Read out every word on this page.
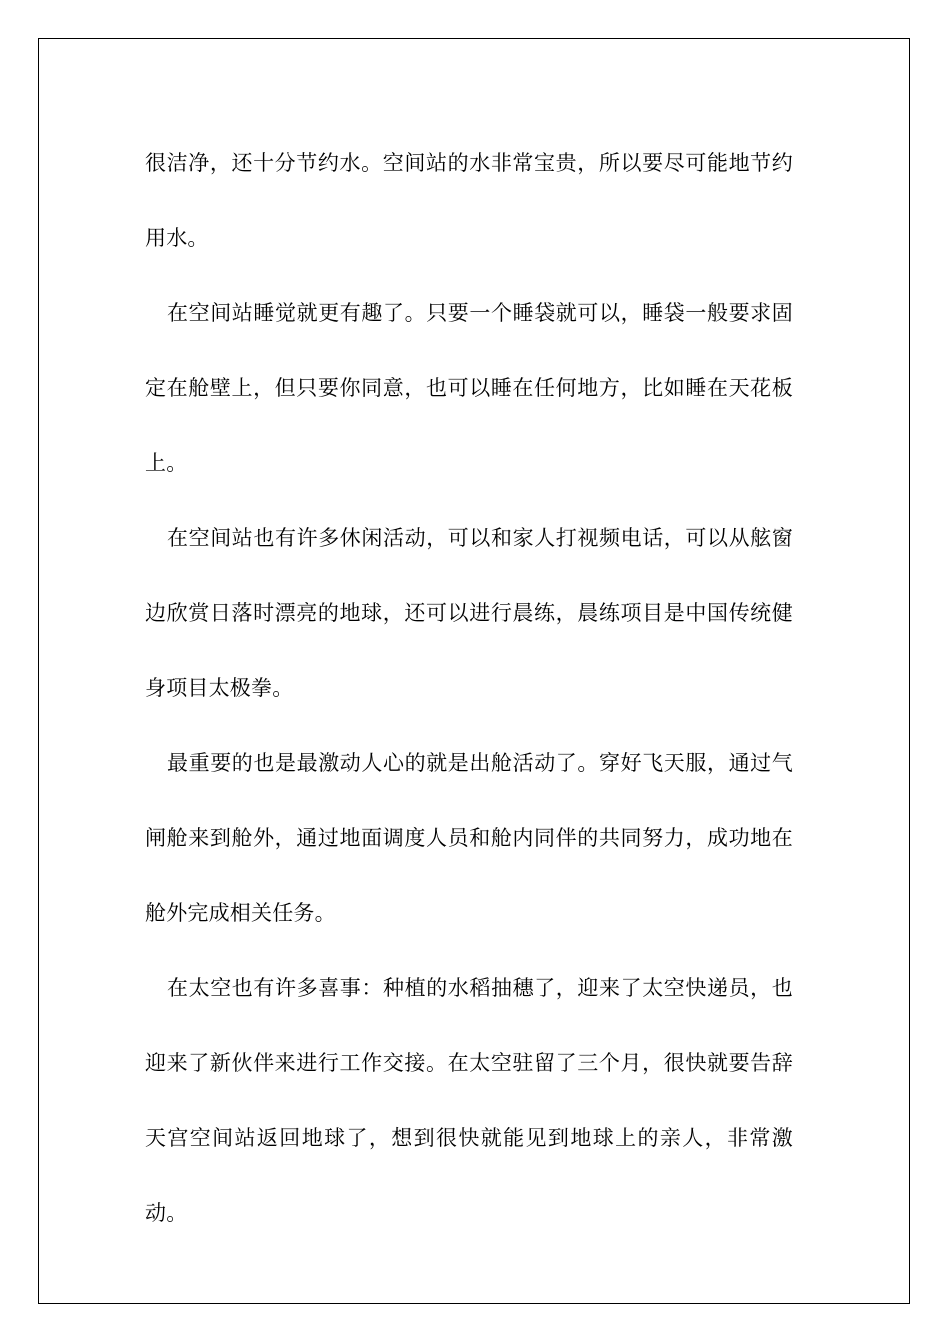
很洁净，还十分节约水。空间站的水非常宝贵，所以要尽可能地节约用水。

在空间站睡觉就更有趣了。只要一个睡袋就可以，睡袋一般要求固定在舱壁上，但只要你同意，也可以睡在任何地方，比如睡在天花板上。

在空间站也有许多休闲活动，可以和家人打视频电话，可以从舷窗边欣赏日落时漂亮的地球，还可以进行晨练，晨练项目是中国传统健身项目太极拳。

最重要的也是最激动人心的就是出舱活动了。穿好飞天服，通过气闸舱来到舱外，通过地面调度人员和舱内同伴的共同努力，成功地在舱外完成相关任务。

在太空也有许多喜事：种植的水稻抽穗了，迎来了太空快递员，也迎来了新伙伴来进行工作交接。在太空驻留了三个月，很快就要告辞天宫空间站返回地球了，想到很快就能见到地球上的亲人，非常激动。
